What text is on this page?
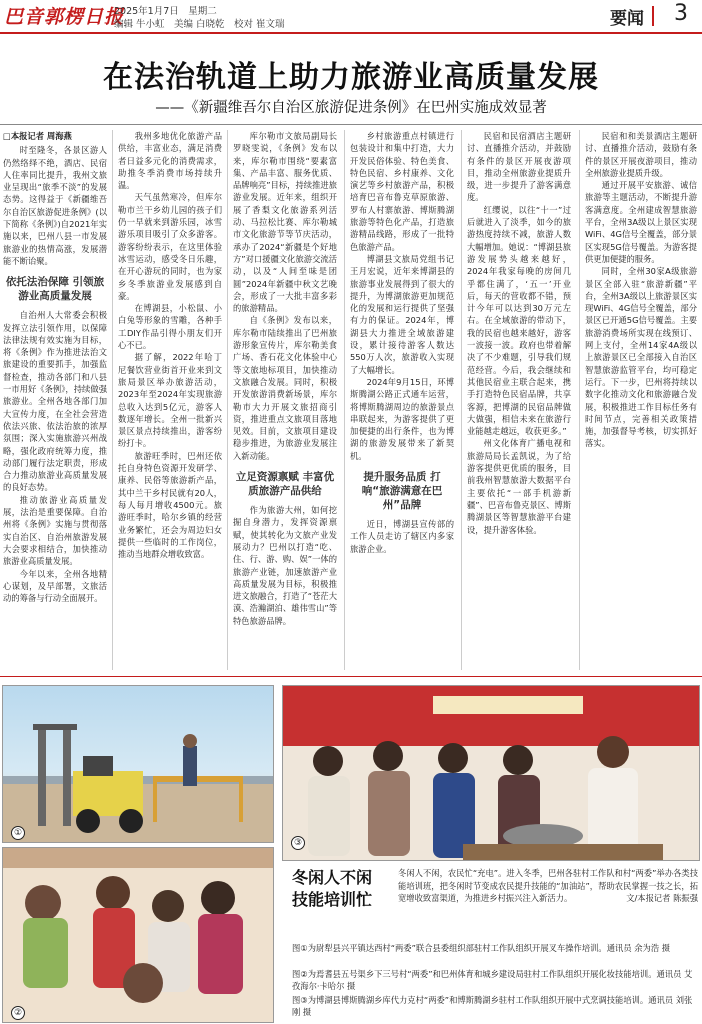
巴音郭楞日报
2025年1月7日　星期二
编辑 牛小虹　美编 白晓乾　校对 崔文瑞	要闻 3
在法治轨道上助力旅游业高质量发展
——《新疆维吾尔自治区旅游促进条例》在巴州实施成效显著

□本报记者 周海燕

时至隆冬，各景区游人仍然络绎不绝，酒店、民宿人住率同比提升，我州文旅业呈现出“旅季不淡”的发展态势。这得益于《新疆维吾尔自治区旅游促进条例》(以下简称《条例》)自2021年实施以来，巴州八县一市发展旅游业的热情高涨，发展潜能不断诒聚。

依托法治保障 引领旅游业高质量发展

自治州人大常委会积极发挥立法引领作用，以保障法律法规有效实施为目标，将《条例》作为推进法治文旅建设的重要抓手，加强监督检查，推动各部门和八县一市用好《条例》，持续做强旅游业。全州各地各部门加大宣传力度，在全社会营造依法兴旅、依法治旅的浓厚氛围；深入实施旅游兴州战略，强化政府统筹力度，推动部门履行法定职责，形成合力推动旅游业高质量发展的良好态势。

推动旅游业高质量发展，法治是重要保障。自治州将《条例》实施与贯彻落实自治区、自治州旅游发展大会要求相结合，加快推动旅游业高质量发展。

今年以来，全州各地精心谋划，及早部署，文旅活动的筹备与行动全面展开。

我州多地优化旅游产品供给，丰富业态，满足消费者日益多元化的消费需求，助推冬季消费市场持续升温。

天气虽然寒冷，但库尔勒市兰干乡幼儿园的孩子们仍一早就来到游乐园，冰雪游乐项目吸引了众多游客。游客纷纷表示，在这里体验冰雪运动，感受冬日乐趣，在开心游玩的同时，也为家乡冬季旅游业发展感到自豪。

在博湖县，小松鼠、小白兔等形象的雪雕，各种手工DIY作品引得小朋友们开心不已。

据了解，2022年哈丁尼餐饮营业街首开业来到文旅局景区举办旅游活动，2023年至2024年实现旅游总收入达到5亿元，游客人数逐年增长。全州一批新兴景区景点持续推出，游客纷纷打卡。

旅游旺季时，巴州还依托自身特色资源开发研学、康养、民俗等旅游新产品，其中兰干乡村民就有20人，每人每月增收4500元。旅游旺季时，哈尔乡镇的经营业务繁忙，还会为周边妇女提供一些临时的工作岗位，推动当地群众增收致富。

库尔勒市文旅局副局长罗晓雯说，《条例》发布以来，库尔勒市围绕“要素富集、产品丰富、服务优质、品牌响亮”目标，持续推进旅游业发展。近年来，组织开展了香梨文化旅游系列活动、马拉松比赛、库尔勒城市文化旅游节等节庆活动，承办了2024“新疆是个好地方”对口援疆文化旅游交流活动，以及“人间至味是团圆”2024年新疆中秋文艺晚会，形成了一大批丰富多彩的旅游精品。

自《条例》发布以来，库尔勒市陆续推出了巴州旅游形象宣传片，库尔勒美食广场、香石花文化体验中心等文旅地标项目，加快推动文旅融合发展。同时，积极开发旅游消费新场景，库尔勒市大力开展文旅招商引资，推进重点文旅项目落地见效。目前，文旅项目建设稳步推进，为旅游业发展注入新动能。

立足资源禀赋 丰富优质旅游产品供给

作为旅游大州，如何挖掘自身潜力，发挥资源禀赋，使其转化为文旅产业发展动力？巴州以打造“吃、住、行、游、购、娱”一体的旅游产业链，加速旅游产业高质量发展为目标，积极推进文旅融合，打造了“苍茫大漠、浩瀚湖泊、雄伟雪山”等特色旅游品牌。

乡村旅游重点村镇进行包装设计和集中打造，大力开发民俗体验、特色美食、特色民宿、乡村康养、文化演艺等乡村旅游产品，积极培育巴音布鲁克草原旅游、罗布人村寨旅游、博斯腾湖旅游等特色化产品，打造旅游精品线路，形成了一批特色旅游产品。

博湖县文旅局党组书记王月宏说，近年来博湖县的旅游事业发展得到了很大的提升，为博湖旅游更加规范化的发展和运行提供了坚强有力的保证。2024年，博湖县大力推进全域旅游建设，累计接待游客人数达550万人次，旅游收入实现了大幅增长。

2024年9月15日，环博斯腾湖公路正式通车运营，将博斯腾湖周边的旅游景点串联起来，为游客提供了更加便捷的出行条件，也为博湖的旅游发展带来了新契机。

提升服务品质 打响“旅游满意在巴州”品牌

近日，博湖县宣传部的工作人员走访了辖区内多家旅游企业。

民宿和民宿酒店主题研讨、直播推介活动，并鼓励有条件的景区开展夜游项目，推动全州旅游业提质升级，进一步提升了游客满意度。

红缨说，以往“十一”过后就进入了淡季，如今的旅游热度持续不减，旅游人数大幅增加。她说：“博湖县旅游发展势头越来越好，2024年我家每晚的房间几乎都住满了，‘五一’开业后，每天的营收都不错，预计今年可以达到30万元左右。在全域旅游的带动下，我的民宿也越来越好，游客一波接一波。政府也带着解决了不少难题，引导我们规范经营。今后，我会继续和其他民宿业主联合起来，携手打造特色民宿品牌，共享客源，把博湖的民宿品牌做大做强，相信未来在旅游行业能越走越远，收获更多。”

州文化体育广播电视和旅游局局长孟凯说，为了给游客提供更优质的服务，目前我州智慧旅游大数据平台主要依托“一部手机游新疆”、巴音布鲁克景区、博斯腾湖景区等智慧旅游平台建设，提升游客体验。

民宿和和美景酒店主题研讨、直播推介活动，鼓励有条件的景区开展夜游项目，推动全州旅游业提质升级。

通过开展平安旅游、诚信旅游等主题活动，不断提升游客满意度。全州建成智慧旅游平台，全州3A级以上景区实现WiFi、4G信号全覆盖，部分景区实现5G信号覆盖。为游客提供更加便捷的服务。

同时，全州30家A级旅游景区全部入驻“旅游新疆”平台，全州3A级以上旅游景区实现WiFi、4G信号全覆盖，部分景区已开通5G信号覆盖。主要旅游消费场所实现在线预订、网上支付，全州14家4A级以上旅游景区已全部接入自治区智慧旅游监管平台，均可稳定运行。下一步，巴州将持续以数字化推动文化和旅游融合发展，积极推进工作目标任务有时间节点，完善相关政策措施，加强督导考核，切实抓好落实。

①
②
③
冬闲人不闲 技能培训忙
冬闲人不闲，农民忙“充电”。进入冬季，巴州各驻村工作队和村“两委”举办各类技能培训班，把冬闲时节变成农民提升技能的“加油站”，帮助农民掌握一技之长，拓宽增收致富渠道，为推进乡村振兴注入新活力。	文/本报记者 陈振强
图①为尉犁县兴平镇达西村“两委”联合县委组织部驻村工作队组织开展叉车操作培训。通讯员 余为浩 摄
图②为焉耆县五号渠乡下三号村“两委”和巴州体育和城乡建设局驻村工作队组织开展化妆技能培训。通讯员 艾孜海尔·卡哈尔 摄
图③为博湖县博斯腾湖乡库代力克村“两委”和博斯腾湖乡驻村工作队组织开展中式烹调技能培训。通讯员 刘张刚 摄
